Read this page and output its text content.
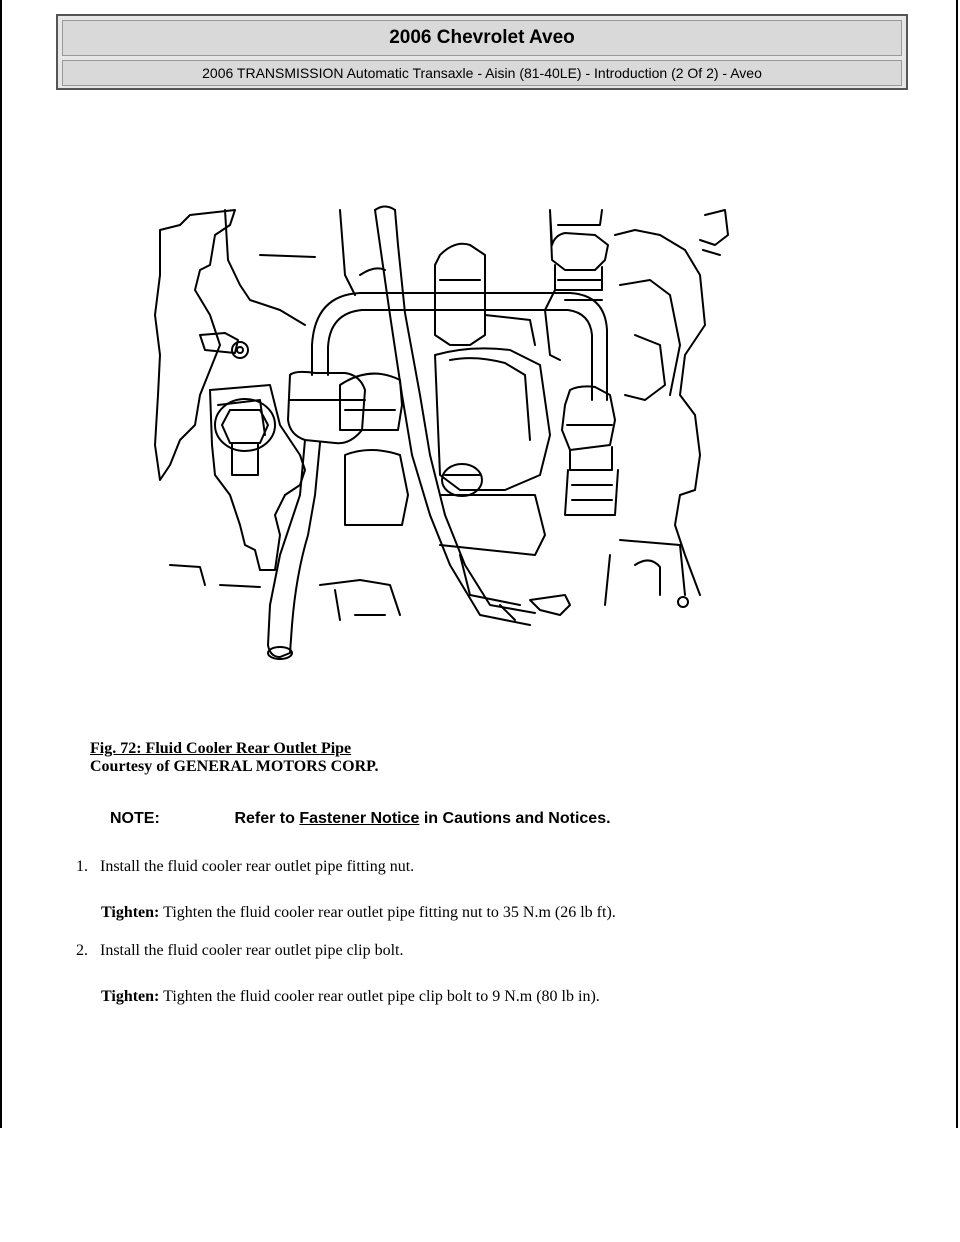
2006 Chevrolet Aveo
2006 TRANSMISSION Automatic Transaxle - Aisin (81-40LE) - Introduction (2 Of 2) - Aveo
Fig. 72: Fluid Cooler Rear Outlet Pipe
Courtesy of GENERAL MOTORS CORP.
NOTE:	Refer to Fastener Notice in Cautions and Notices.
1. Install the fluid cooler rear outlet pipe fitting nut.
Tighten: Tighten the fluid cooler rear outlet pipe fitting nut to 35 N.m (26 lb ft).
2. Install the fluid cooler rear outlet pipe clip bolt.
Tighten: Tighten the fluid cooler rear outlet pipe clip bolt to 9 N.m (80 lb in).
